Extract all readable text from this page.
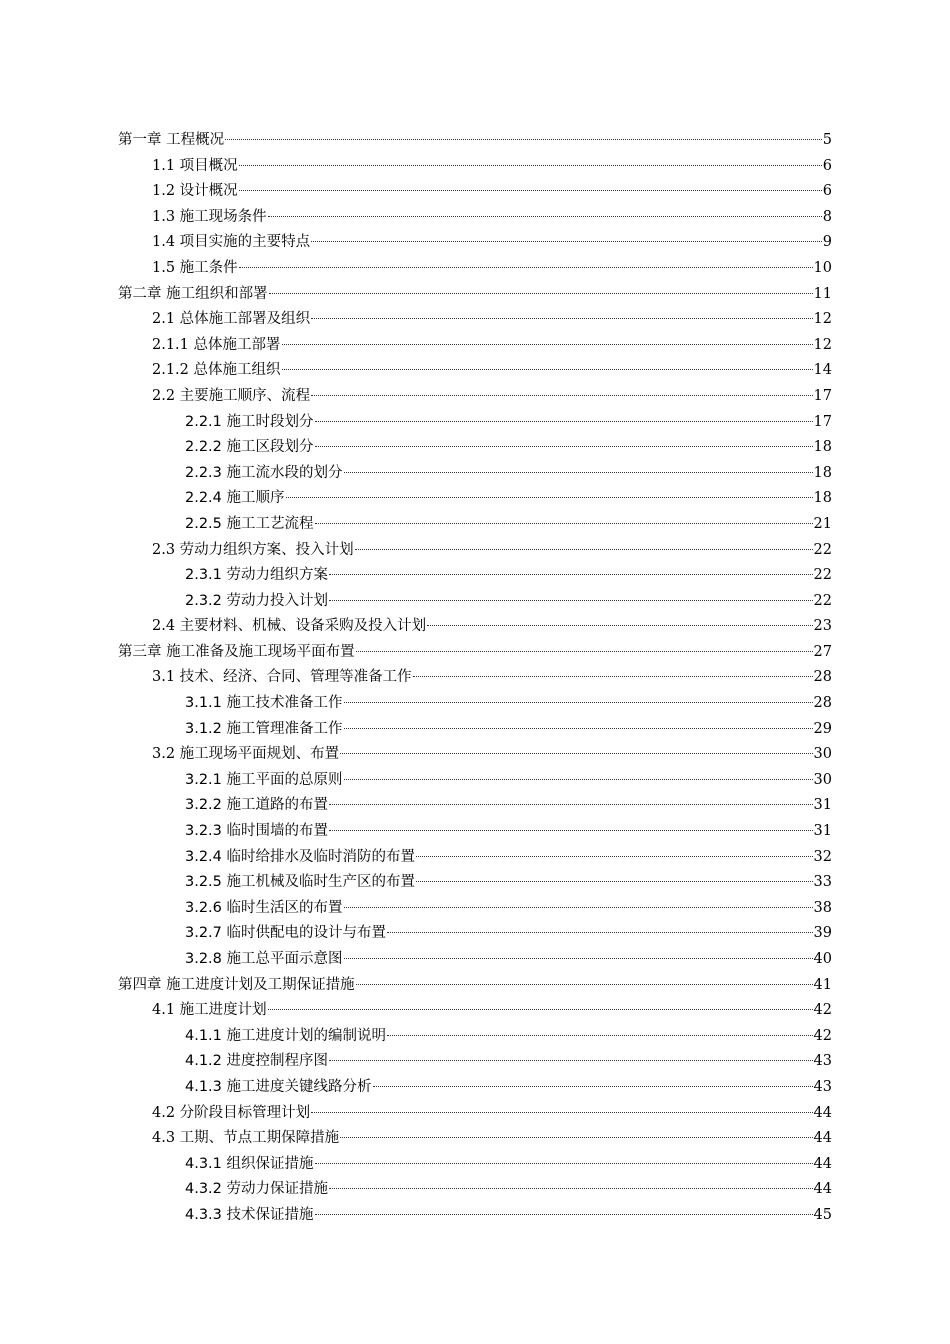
第一章 工程概况	5
1.1 项目概况	6
1.2 设计概况	6
1.3 施工现场条件	8
1.4 项目实施的主要特点	9
1.5 施工条件	10
第二章 施工组织和部署	11
2.1 总体施工部署及组织	12
2.1.1 总体施工部署	12
2.1.2 总体施工组织	14
2.2 主要施工顺序、流程	17
2.2.1 施工时段划分	17
2.2.2 施工区段划分	18
2.2.3 施工流水段的划分	18
2.2.4 施工顺序	18
2.2.5 施工工艺流程	21
2.3 劳动力组织方案、投入计划	22
2.3.1 劳动力组织方案	22
2.3.2 劳动力投入计划	22
2.4 主要材料、机械、设备采购及投入计划	23
第三章 施工准备及施工现场平面布置	27
3.1 技术、经济、合同、管理等准备工作	28
3.1.1 施工技术准备工作	28
3.1.2 施工管理准备工作	29
3.2 施工现场平面规划、布置	30
3.2.1 施工平面的总原则	30
3.2.2 施工道路的布置	31
3.2.3 临时围墙的布置	31
3.2.4 临时给排水及临时消防的布置	32
3.2.5 施工机械及临时生产区的布置	33
3.2.6 临时生活区的布置	38
3.2.7 临时供配电的设计与布置	39
3.2.8 施工总平面示意图	40
第四章 施工进度计划及工期保证措施	41
4.1 施工进度计划	42
4.1.1 施工进度计划的编制说明	42
4.1.2 进度控制程序图	43
4.1.3 施工进度关键线路分析	43
4.2 分阶段目标管理计划	44
4.3 工期、节点工期保障措施	44
4.3.1 组织保证措施	44
4.3.2 劳动力保证措施	44
4.3.3 技术保证措施	45
